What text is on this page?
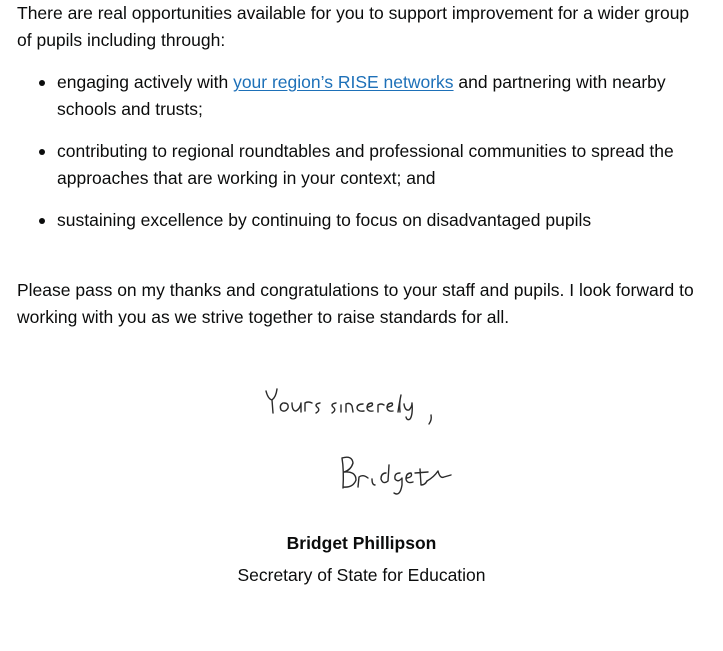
There are real opportunities available for you to support improvement for a wider group of pupils including through:

engaging actively with your region’s RISE networks and partnering with nearby schools and trusts;
contributing to regional roundtables and professional communities to spread the approaches that are working in your context; and
sustaining excellence by continuing to focus on disadvantaged pupils

Please pass on my thanks and congratulations to your staff and pupils. I look forward to working with you as we strive together to raise standards for all.

Bridget Phillipson
Secretary of State for Education
